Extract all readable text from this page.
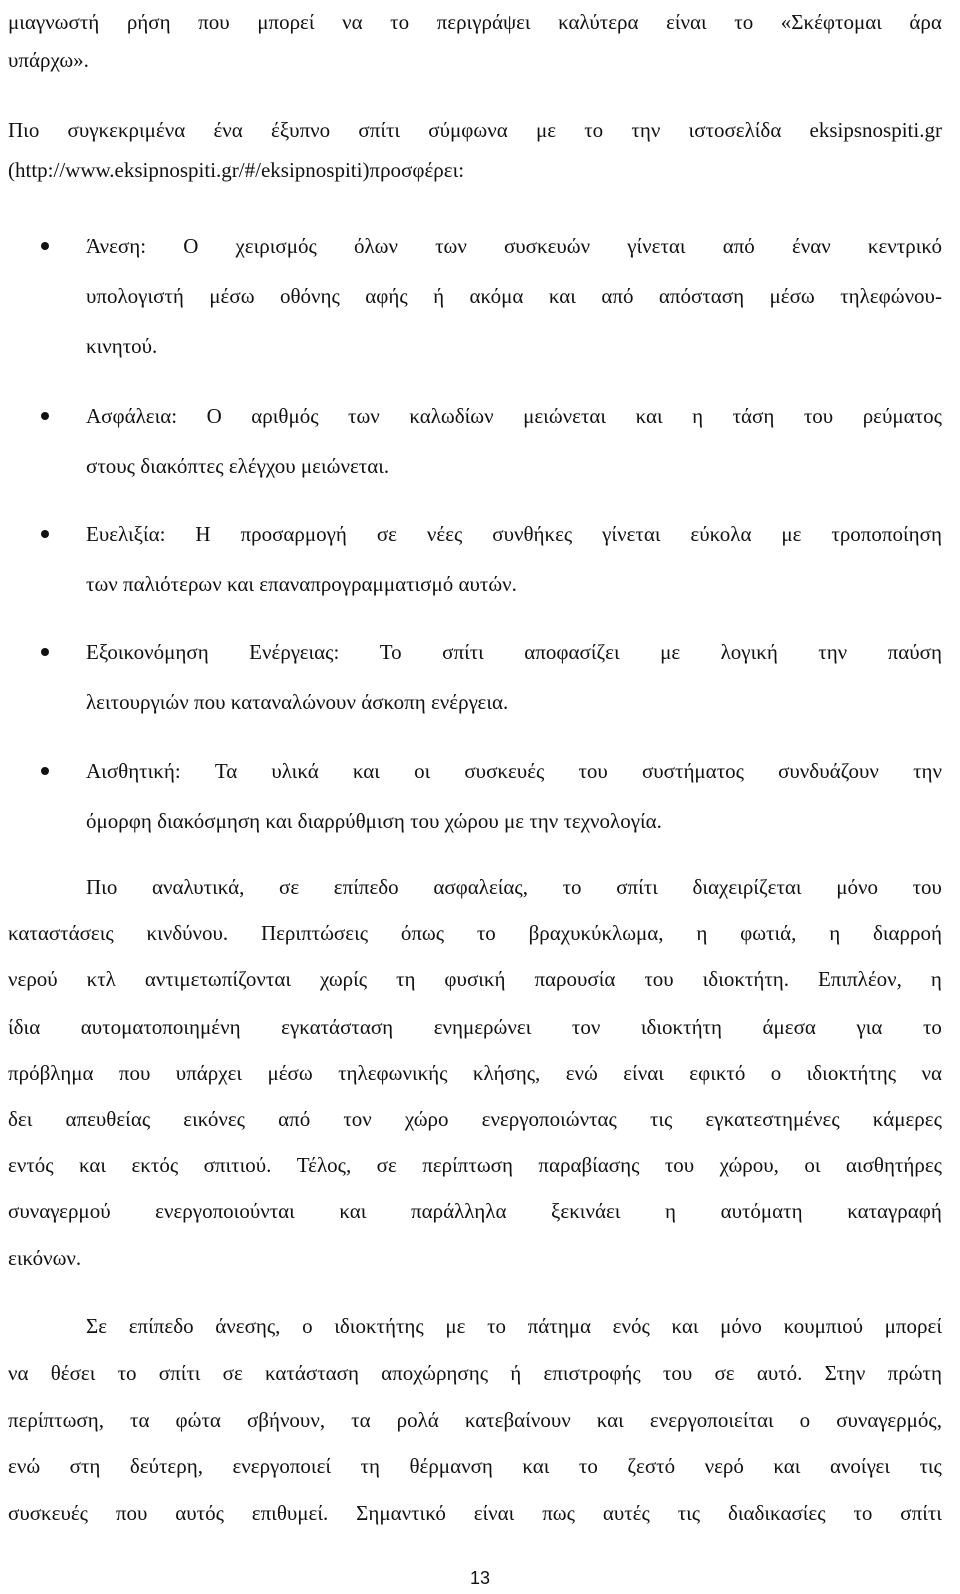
μιαγνωστή ρήση που μπορεί να το περιγράψει καλύτερα είναι το «Σκέφτομαι άρα
υπάρχω».
Πιο συγκεκριμένα ένα έξυπνο σπίτι σύμφωνα με το την ιστοσελίδα eksipsnospiti.gr
(http://www.eksipnospiti.gr/#/eksipnospiti)προσφέρει:
Άνεση: Ο χειρισμός όλων των συσκευών γίνεται από έναν κεντρικό
υπολογιστή μέσω οθόνης αφής ή ακόμα και από απόσταση μέσω τηλεφώνου-
κινητού.
Ασφάλεια: Ο αριθμός των καλωδίων μειώνεται και η τάση του ρεύματος
στους διακόπτες ελέγχου μειώνεται.
Ευελιξία: Η προσαρμογή σε νέες συνθήκες γίνεται εύκολα με τροποποίηση
των παλιότερων και επαναπρογραμματισμό αυτών.
Εξοικονόμηση Ενέργειας: Το σπίτι αποφασίζει με λογική την παύση
λειτουργιών που καταναλώνουν άσκοπη ενέργεια.
Αισθητική: Τα υλικά και οι συσκευές του συστήματος συνδυάζουν την
όμορφη διακόσμηση και διαρρύθμιση του χώρου με την τεχνολογία.
Πιο αναλυτικά, σε επίπεδο ασφαλείας, το σπίτι διαχειρίζεται μόνο του
καταστάσεις κινδύνου. Περιπτώσεις όπως το βραχυκύκλωμα, η φωτιά, η διαρροή
νερού κτλ αντιμετωπίζονται χωρίς τη φυσική παρουσία του ιδιοκτήτη. Επιπλέον, η
ίδια αυτοματοποιημένη εγκατάσταση ενημερώνει τον ιδιοκτήτη άμεσα για το
πρόβλημα που υπάρχει μέσω τηλεφωνικής κλήσης, ενώ είναι εφικτό ο ιδιοκτήτης να
δει απευθείας εικόνες από τον χώρο ενεργοποιώντας τις εγκατεστημένες κάμερες
εντός και εκτός σπιτιού. Τέλος, σε περίπτωση παραβίασης του χώρου, οι αισθητήρες
συναγερμού ενεργοποιούνται και παράλληλα ξεκινάει η αυτόματη καταγραφή
εικόνων.
Σε επίπεδο άνεσης, ο ιδιοκτήτης με το πάτημα ενός και μόνο κουμπιού μπορεί
να θέσει το σπίτι σε κατάσταση αποχώρησης ή επιστροφής του σε αυτό. Στην πρώτη
περίπτωση, τα φώτα σβήνουν, τα ρολά κατεβαίνουν και ενεργοποιείται ο συναγερμός,
ενώ στη δεύτερη, ενεργοποιεί τη θέρμανση και το ζεστό νερό και ανοίγει τις
συσκευές που αυτός επιθυμεί. Σημαντικό είναι πως αυτές τις διαδικασίες το σπίτι
13
